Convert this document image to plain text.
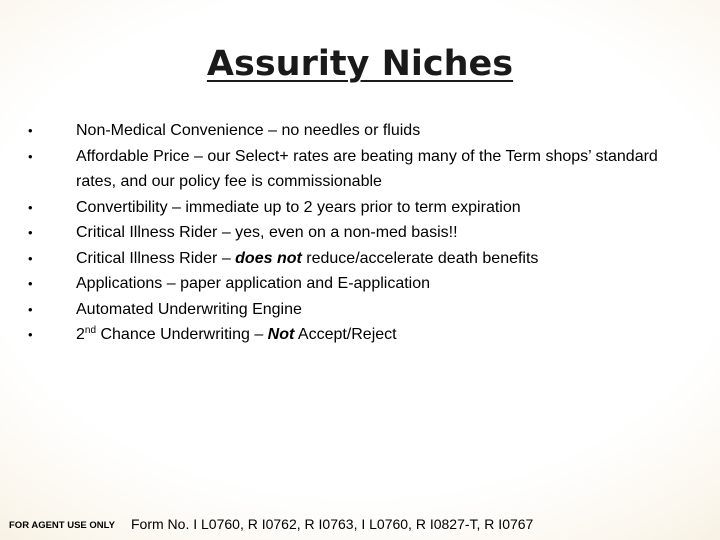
Assurity Niches
•	Non-Medical Convenience – no needles or fluids
•	Affordable Price – our Select+ rates are beating many of the Term shops’ standard rates, and our policy fee is commissionable
•	Convertibility – immediate up to 2 years prior to term expiration
•	Critical Illness Rider – yes, even on a non-med basis!!
•	Critical Illness Rider – does not reduce/accelerate death benefits
•	Applications – paper application and E-application
•	Automated Underwriting Engine
•	2nd Chance Underwriting – Not Accept/Reject
FOR AGENT USE ONLY Form No. I L0760, R I0762, R I0763, I L0760, R I0827-T, R I0767
